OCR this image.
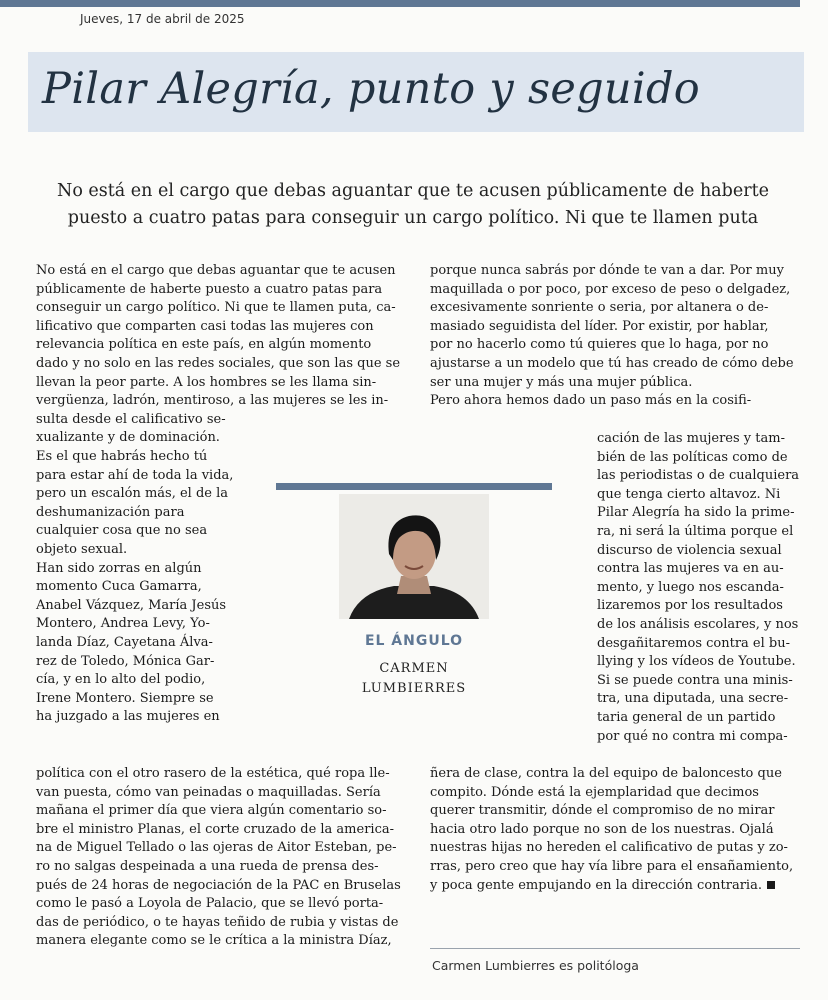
Jueves, 17 de abril de 2025
Pilar Alegría, punto y seguido
No está en el cargo que debas aguantar que te acusen públicamente de haberte
puesto a cuatro patas para conseguir un cargo político. Ni que te llamen puta

No está en el cargo que debas aguantar que te acusen

públicamente de haberte puesto a cuatro patas para

conseguir un cargo político. Ni que te llamen puta, ca-

lificativo que comparten casi todas las mujeres con

relevancia política en este país, en algún momento

dado y no solo en las redes sociales, que son las que se

llevan la peor parte. A los hombres se les llama sin-

vergüenza, ladrón, mentiroso, a las mujeres se les in-

sulta desde el calificativo se-

xualizante y de dominación.

Es el que habrás hecho tú

para estar ahí de toda la vida,

pero un escalón más, el de la

deshumanización para

cualquier cosa que no sea

objeto sexual.

Han sido zorras en algún

momento Cuca Gamarra,

Anabel Vázquez, María Jesús

Montero, Andrea Levy, Yo-

landa Díaz, Cayetana Álva-

rez de Toledo, Mónica Gar-

cía, y en lo alto del podio,

Irene Montero. Siempre se

ha juzgado a las mujeres en

política con el otro rasero de la estética, qué ropa lle-

van puesta, cómo van peinadas o maquilladas. Sería

mañana el primer día que viera algún comentario so-

bre el ministro Planas, el corte cruzado de la america-

na de Miguel Tellado o las ojeras de Aitor Esteban, pe-

ro no salgas despeinada a una rueda de prensa des-

pués de 24 horas de negociación de la PAC en Bruselas

como le pasó a Loyola de Palacio, que se llevó porta-

das de periódico, o te hayas teñido de rubia y vistas de

manera elegante como se le crítica a la ministra Díaz,

porque nunca sabrás por dónde te van a dar. Por muy

maquillada o por poco, por exceso de peso o delgadez,

excesivamente sonriente o seria, por altanera o de-

masiado seguidista del líder. Por existir, por hablar,

por no hacerlo como tú quieres que lo haga, por no

ajustarse a un modelo que tú has creado de cómo debe

ser una mujer y más una mujer pública.

Pero ahora hemos dado un paso más en la cosifi-

cación de las mujeres y tam-

bién de las políticas como de

las periodistas o de cualquiera

que tenga cierto altavoz. Ni

Pilar Alegría ha sido la prime-

ra, ni será la última porque el

discurso de violencia sexual

contra las mujeres va en au-

mento, y luego nos escanda-

lizaremos por los resultados

de los análisis escolares, y nos

desgañitaremos contra el bu-

llying y los vídeos de Youtube.

Si se puede contra una minis-

tra, una diputada, una secre-

taria general de un partido

por qué no contra mi compa-

ñera de clase, contra la del equipo de baloncesto que

compito. Dónde está la ejemplaridad que decimos

querer transmitir, dónde el compromiso de no mirar

hacia otro lado porque no son de los nuestras. Ojalá

nuestras hijas no hereden el calificativo de putas y zo-

rras, pero creo que hay vía libre para el ensañamiento,

y poca gente empujando en la dirección contraria.

EL ÁNGULO
CARMEN
LUMBIERRES
Carmen Lumbierres es politóloga
